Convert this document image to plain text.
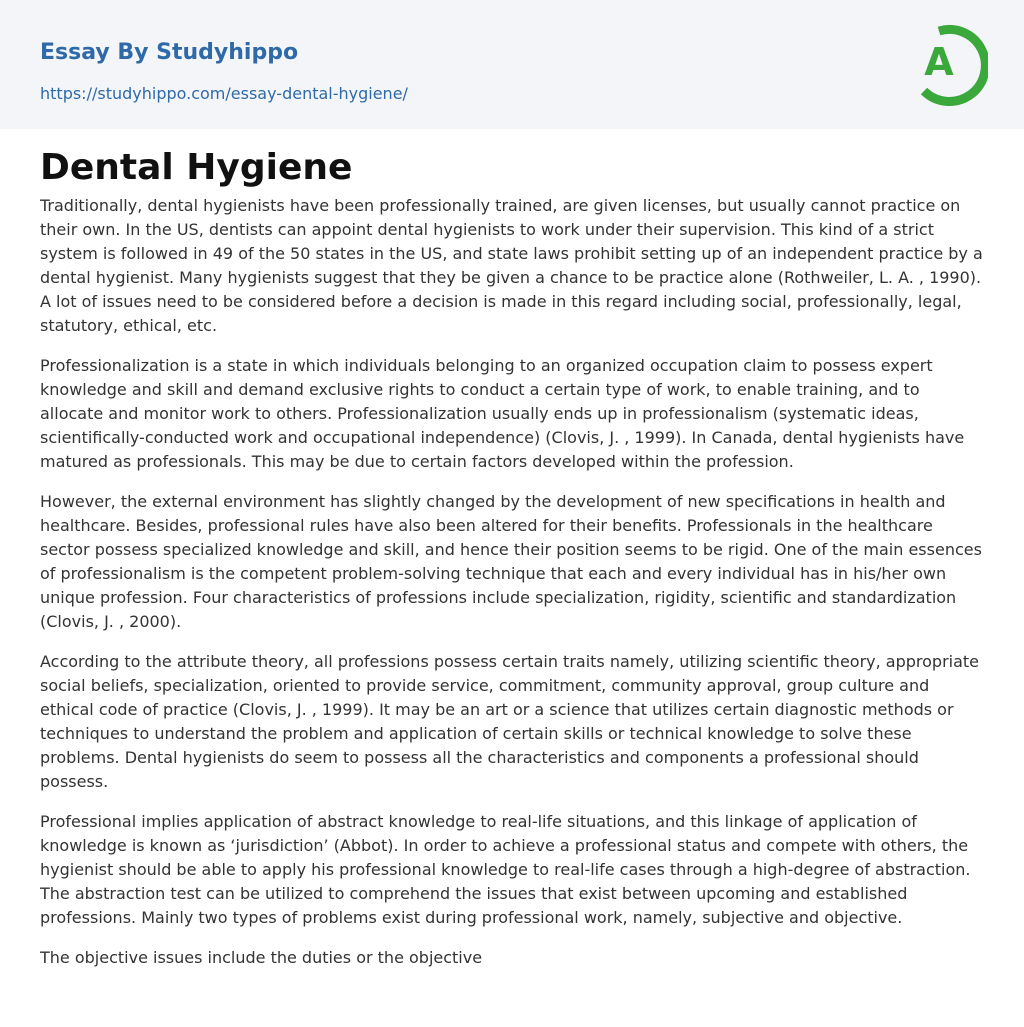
Essay By Studyhippo
https://studyhippo.com/essay-dental-hygiene/
A
Dental Hygiene

Traditionally, dental hygienists have been professionally trained, are given licenses, but usually cannot practice on their own. In the US, dentists can appoint dental hygienists to work under their supervision. This kind of a strict system is followed in 49 of the 50 states in the US, and state laws prohibit setting up of an independent practice by a dental hygienist. Many hygienists suggest that they be given a chance to be practice alone (Rothweiler, L. A. , 1990). A lot of issues need to be considered before a decision is made in this regard including social, professionally, legal, statutory, ethical, etc.

Professionalization is a state in which individuals belonging to an organized occupation claim to possess expert knowledge and skill and demand exclusive rights to conduct a certain type of work, to enable training, and to allocate and monitor work to others. Professionalization usually ends up in professionalism (systematic ideas, scientifically-conducted work and occupational independence) (Clovis, J. , 1999). In Canada, dental hygienists have matured as professionals. This may be due to certain factors developed within the profession.

However, the external environment has slightly changed by the development of new specifications in health and healthcare. Besides, professional rules have also been altered for their benefits. Professionals in the healthcare sector possess specialized knowledge and skill, and hence their position seems to be rigid. One of the main essences of professionalism is the competent problem-solving technique that each and every individual has in his/her own unique profession. Four characteristics of professions include specialization, rigidity, scientific and standardization (Clovis, J. , 2000).

According to the attribute theory, all professions possess certain traits namely, utilizing scientific theory, appropriate social beliefs, specialization, oriented to provide service, commitment, community approval, group culture and ethical code of practice (Clovis, J. , 1999). It may be an art or a science that utilizes certain diagnostic methods or techniques to understand the problem and application of certain skills or technical knowledge to solve these problems. Dental hygienists do seem to possess all the characteristics and components a professional should possess.

Professional implies application of abstract knowledge to real-life situations, and this linkage of application of knowledge is known as ‘jurisdiction’ (Abbot). In order to achieve a professional status and compete with others, the hygienist should be able to apply his professional knowledge to real-life cases through a high-degree of abstraction. The abstraction test can be utilized to comprehend the issues that exist between upcoming and established professions. Mainly two types of problems exist during professional work, namely, subjective and objective.

The objective issues include the duties or the objective
